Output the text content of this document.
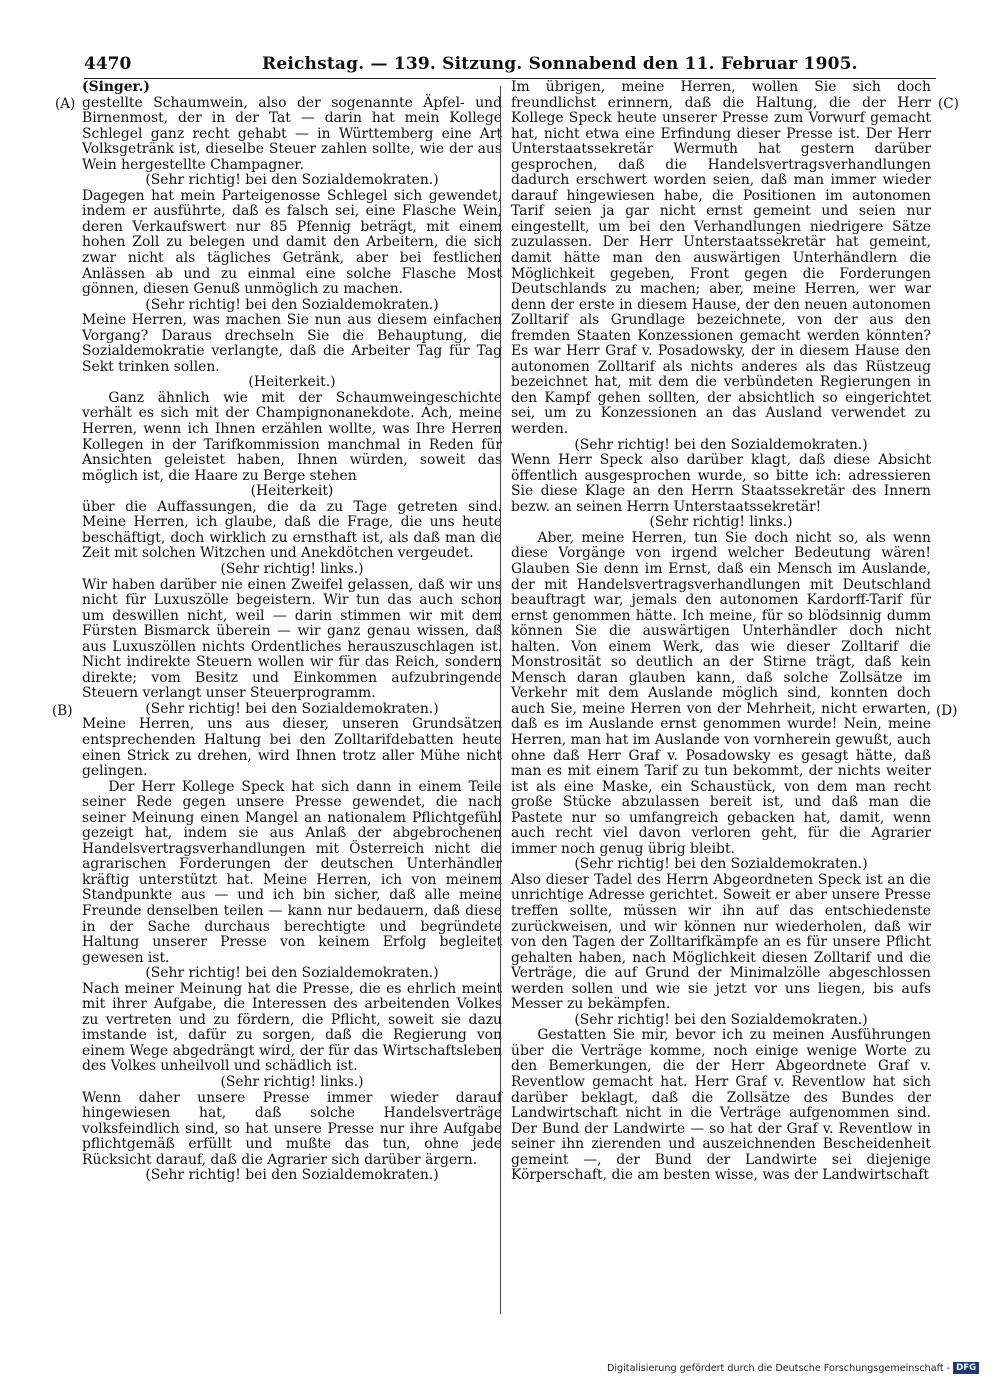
4470	Reichstag. — 139. Sitzung. Sonnabend den 11. Februar 1905.

(Singer.)

gestellte Schaumwein, also der sogenannte Äpfel- und Birnenmost, der in der Tat — darin hat mein Kollege Schlegel ganz recht gehabt — in Württemberg eine Art Volksgetränk ist, dieselbe Steuer zahlen sollte, wie der aus Wein hergestellte Champagner.

(Sehr richtig! bei den Sozialdemokraten.)

Dagegen hat mein Parteigenosse Schlegel sich gewendet, indem er ausführte, daß es falsch sei, eine Flasche Wein, deren Verkaufswert nur 85 Pfennig beträgt, mit einem hohen Zoll zu belegen und damit den Arbeitern, die sich zwar nicht als tägliches Getränk, aber bei festlichen Anlässen ab und zu einmal eine solche Flasche Most gönnen, diesen Genuß unmöglich zu machen.

(Sehr richtig! bei den Sozialdemokraten.)

Meine Herren, was machen Sie nun aus diesem einfachen Vorgang? Daraus drechseln Sie die Behauptung, die Sozialdemokratie verlangte, daß die Arbeiter Tag für Tag Sekt trinken sollen.

(Heiterkeit.)

Ganz ähnlich wie mit der Schaumweingeschichte verhält es sich mit der Champignonanekdote. Ach, meine Herren, wenn ich Ihnen erzählen wollte, was Ihre Herren Kollegen in der Tarifkommission manchmal in Reden für Ansichten geleistet haben, Ihnen würden, soweit das möglich ist, die Haare zu Berge stehen

(Heiterkeit)

über die Auffassungen, die da zu Tage getreten sind. Meine Herren, ich glaube, daß die Frage, die uns heute beschäftigt, doch wirklich zu ernsthaft ist, als daß man die Zeit mit solchen Witzchen und Anekdötchen vergeudet.

(Sehr richtig! links.)

Wir haben darüber nie einen Zweifel gelassen, daß wir uns nicht für Luxuszölle begeistern. Wir tun das auch schon um deswillen nicht, weil — darin stimmen wir mit dem Fürsten Bismarck überein — wir ganz genau wissen, daß aus Luxuszöllen nichts Ordentliches herauszuschlagen ist. Nicht indirekte Steuern wollen wir für das Reich, sondern direkte; vom Besitz und Einkommen aufzubringende Steuern verlangt unser Steuerprogramm.

(Sehr richtig! bei den Sozialdemokraten.)

Meine Herren, uns aus dieser, unseren Grundsätzen entsprechenden Haltung bei den Zolltarifdebatten heute einen Strick zu drehen, wird Ihnen trotz aller Mühe nicht gelingen.

Der Herr Kollege Speck hat sich dann in einem Teile seiner Rede gegen unsere Presse gewendet, die nach seiner Meinung einen Mangel an nationalem Pflichtgefühl gezeigt hat, indem sie aus Anlaß der abgebrochenen Handelsvertragsverhandlungen mit Österreich nicht die agrarischen Forderungen der deutschen Unterhändler kräftig unterstützt hat. Meine Herren, ich von meinem Standpunkte aus — und ich bin sicher, daß alle meine Freunde denselben teilen — kann nur bedauern, daß diese in der Sache durchaus berechtigte und begründete Haltung unserer Presse von keinem Erfolg begleitet gewesen ist.

(Sehr richtig! bei den Sozialdemokraten.)

Nach meiner Meinung hat die Presse, die es ehrlich meint mit ihrer Aufgabe, die Interessen des arbeitenden Volkes zu vertreten und zu fördern, die Pflicht, soweit sie dazu imstande ist, dafür zu sorgen, daß die Regierung von einem Wege abgedrängt wird, der für das Wirtschaftsleben des Volkes unheilvoll und schädlich ist.

(Sehr richtig! links.)

Wenn daher unsere Presse immer wieder darauf hingewiesen hat, daß solche Handelsverträge volksfeindlich sind, so hat unsere Presse nur ihre Aufgabe pflichtgemäß erfüllt und mußte das tun, ohne jede Rücksicht darauf, daß die Agrarier sich darüber ärgern.

(Sehr richtig! bei den Sozialdemokraten.)

Im übrigen, meine Herren, wollen Sie sich doch freundlichst erinnern, daß die Haltung, die der Herr Kollege Speck heute unserer Presse zum Vorwurf gemacht hat, nicht etwa eine Erfindung dieser Presse ist. Der Herr Unterstaatssekretär Wermuth hat gestern darüber gesprochen, daß die Handelsvertragsverhandlungen dadurch erschwert worden seien, daß man immer wieder darauf hingewiesen habe, die Positionen im autonomen Tarif seien ja gar nicht ernst gemeint und seien nur eingestellt, um bei den Verhandlungen niedrigere Sätze zuzulassen. Der Herr Unterstaatssekretär hat gemeint, damit hätte man den auswärtigen Unterhändlern die Möglichkeit gegeben, Front gegen die Forderungen Deutschlands zu machen; aber, meine Herren, wer war denn der erste in diesem Hause, der den neuen autonomen Zolltarif als Grundlage bezeichnete, von der aus den fremden Staaten Konzessionen gemacht werden könnten? Es war Herr Graf v. Posadowsky, der in diesem Hause den autonomen Zolltarif als nichts anderes als das Rüstzeug bezeichnet hat, mit dem die verbündeten Regierungen in den Kampf gehen sollten, der absichtlich so eingerichtet sei, um zu Konzessionen an das Ausland verwendet zu werden.

(Sehr richtig! bei den Sozialdemokraten.)

Wenn Herr Speck also darüber klagt, daß diese Absicht öffentlich ausgesprochen wurde, so bitte ich: adressieren Sie diese Klage an den Herrn Staatssekretär des Innern bezw. an seinen Herrn Unterstaatssekretär!

(Sehr richtig! links.)

Aber, meine Herren, tun Sie doch nicht so, als wenn diese Vorgänge von irgend welcher Bedeutung wären! Glauben Sie denn im Ernst, daß ein Mensch im Auslande, der mit Handelsvertragsverhandlungen mit Deutschland beauftragt war, jemals den autonomen Kardorff-Tarif für ernst genommen hätte. Ich meine, für so blödsinnig dumm können Sie die auswärtigen Unterhändler doch nicht halten. Von einem Werk, das wie dieser Zolltarif die Monstrosität so deutlich an der Stirne trägt, daß kein Mensch daran glauben kann, daß solche Zollsätze im Verkehr mit dem Auslande möglich sind, konnten doch auch Sie, meine Herren von der Mehrheit, nicht erwarten, daß es im Auslande ernst genommen wurde! Nein, meine Herren, man hat im Auslande von vornherein gewußt, auch ohne daß Herr Graf v. Posadowsky es gesagt hätte, daß man es mit einem Tarif zu tun bekommt, der nichts weiter ist als eine Maske, ein Schaustück, von dem man recht große Stücke abzulassen bereit ist, und daß man die Pastete nur so umfangreich gebacken hat, damit, wenn auch recht viel davon verloren geht, für die Agrarier immer noch genug übrig bleibt.

(Sehr richtig! bei den Sozialdemokraten.)

Also dieser Tadel des Herrn Abgeordneten Speck ist an die unrichtige Adresse gerichtet. Soweit er aber unsere Presse treffen sollte, müssen wir ihn auf das entschiedenste zurückweisen, und wir können nur wiederholen, daß wir von den Tagen der Zolltarifkämpfe an es für unsere Pflicht gehalten haben, nach Möglichkeit diesen Zolltarif und die Verträge, die auf Grund der Minimalzölle abgeschlossen werden sollen und wie sie jetzt vor uns liegen, bis aufs Messer zu bekämpfen.

(Sehr richtig! bei den Sozialdemokraten.)

Gestatten Sie mir, bevor ich zu meinen Ausführungen über die Verträge komme, noch einige wenige Worte zu den Bemerkungen, die der Herr Abgeordnete Graf v. Reventlow gemacht hat. Herr Graf v. Reventlow hat sich darüber beklagt, daß die Zollsätze des Bundes der Landwirtschaft nicht in die Verträge aufgenommen sind. Der Bund der Landwirte — so hat der Graf v. Reventlow in seiner ihn zierenden und auszeichnenden Bescheidenheit gemeint —, der Bund der Landwirte sei diejenige Körperschaft, die am besten wisse, was der Landwirtschaft

(A)
(B)
(C)
(D)
Digitalisierung gefördert durch die Deutsche Forschungsgemeinschaft - DFG
